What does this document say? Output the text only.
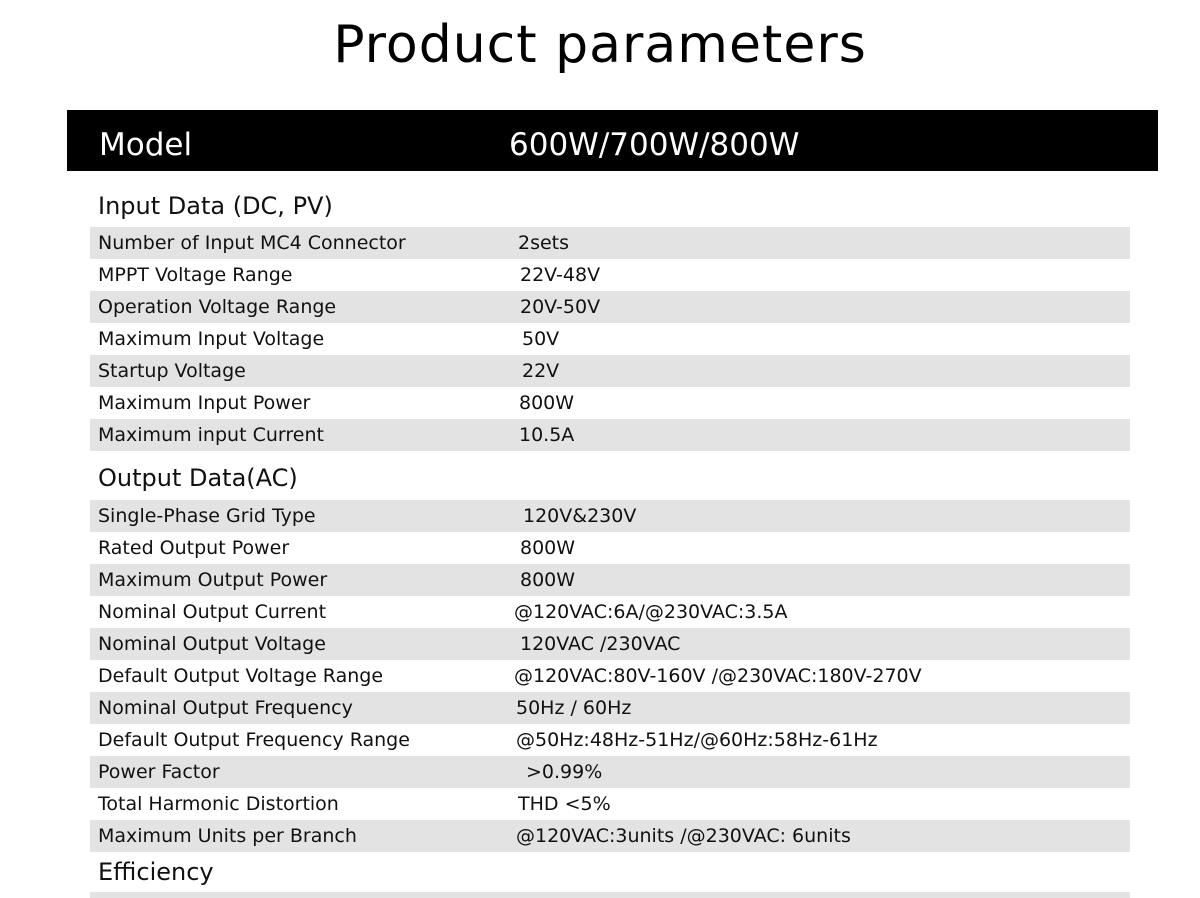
Product parameters
Model	600W/700W/800W
Input Data (DC, PV)
Number of Input MC4 Connector	2sets
MPPT Voltage Range	22V-48V
Operation Voltage Range	20V-50V
Maximum Input Voltage	50V
Startup Voltage	22V
Maximum Input Power	800W
Maximum input Current	10.5A
Output Data(AC)
Single-Phase Grid Type	120V&230V
Rated Output Power	800W
Maximum Output Power	800W
Nominal Output Current	@120VAC:6A/@230VAC:3.5A
Nominal Output Voltage	120VAC /230VAC
Default Output Voltage Range	@120VAC:80V-160V /@230VAC:180V-270V
Nominal Output Frequency	50Hz / 60Hz
Default Output Frequency Range	@50Hz:48Hz-51Hz/@60Hz:58Hz-61Hz
Power Factor	>0.99%
Total Harmonic Distortion	THD <5%
Maximum Units per Branch	@120VAC:3units /@230VAC: 6units
Efficiency
